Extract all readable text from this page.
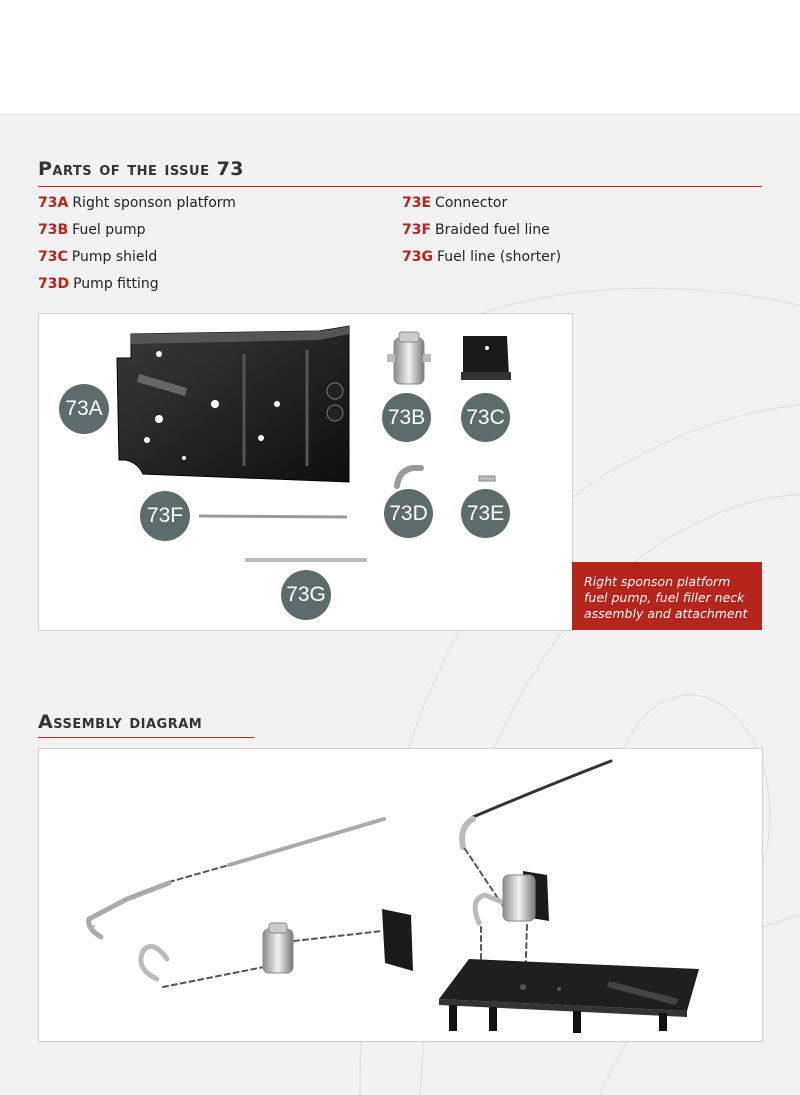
Parts of the issue 73
73A Right sponson platform
73B Fuel pump
73C Pump shield
73D Pump fitting
73E Connector
73F Braided fuel line
73G Fuel line (shorter)
73A	73B 73C
73D 73E
73F
73G
Right sponson platform
fuel pump, fuel filler neck
assembly and attachment
Assembly diagram
